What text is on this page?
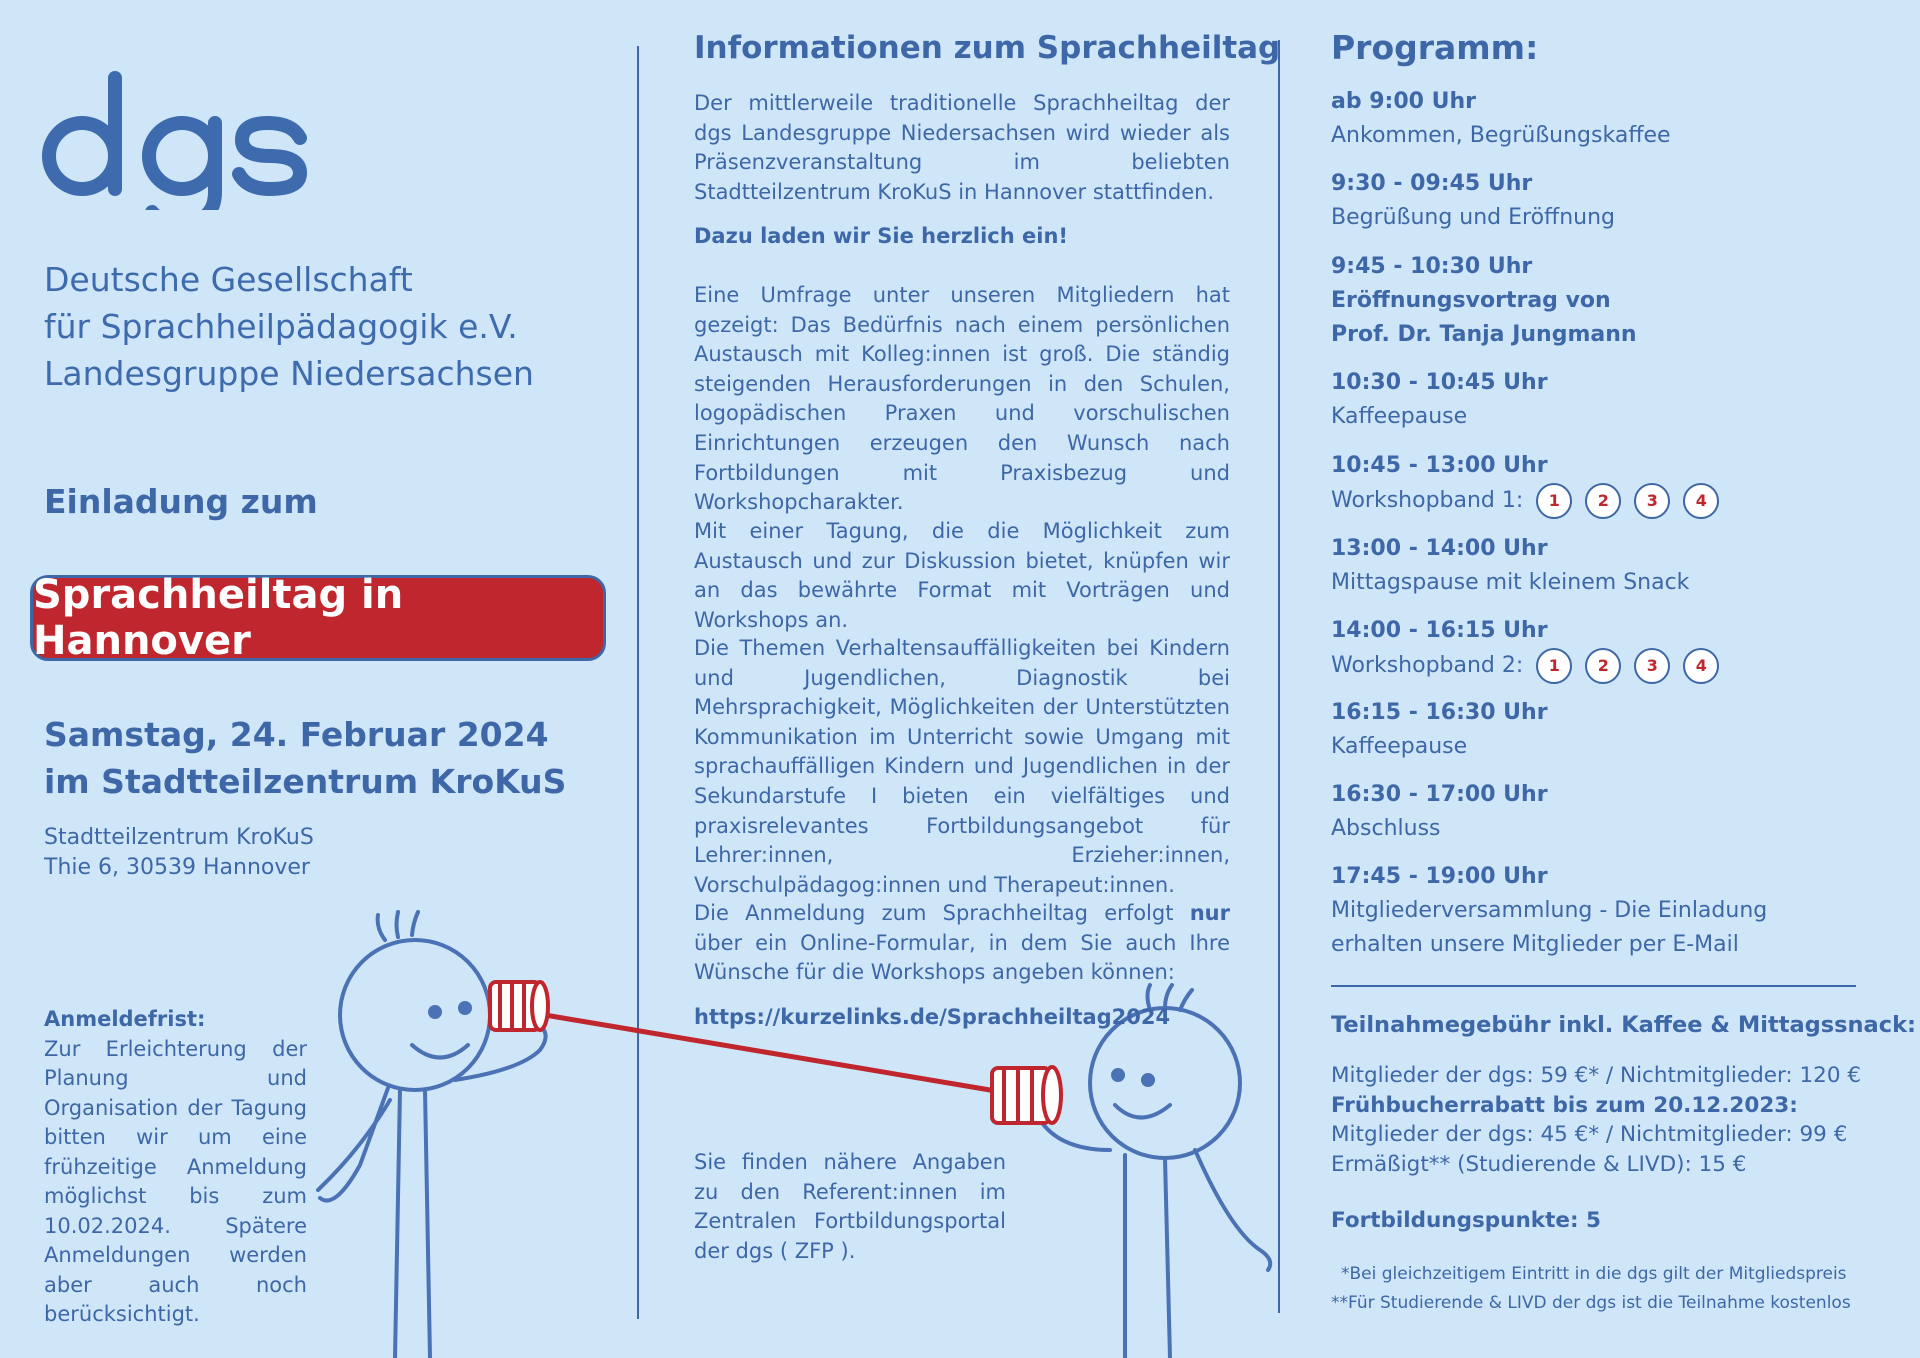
Deutsche Gesellschaft
für Sprachheilpädagogik e.V.
Landesgruppe Niedersachsen
Einladung zum
Sprachheiltag in Hannover
Samstag, 24. Februar 2024
im Stadtteilzentrum KroKuS
Stadtteilzentrum KroKuS
Thie 6, 30539 Hannover
Anmeldefrist:
Zur Erleichterung der Planung und Organisation der Tagung bitten wir um eine frühzeitige Anmeldung möglichst bis zum 10.02.2024. Spätere Anmeldungen werden aber auch noch berücksichtigt.
Informationen zum Sprachheiltag
Der mittlerweile traditionelle Sprachheiltag der dgs Landesgruppe Niedersachsen wird wieder als Präsenzveranstaltung im beliebten Stadtteilzentrum KroKuS in Hannover stattfinden.
Dazu laden wir Sie herzlich ein!
Eine Umfrage unter unseren Mitgliedern hat gezeigt: Das Bedürfnis nach einem persönlichen Austausch mit Kolleg:innen ist groß. Die ständig steigenden Herausforderungen in den Schulen, logopädischen Praxen und vorschulischen Einrichtungen erzeugen den Wunsch nach Fortbildungen mit Praxisbezug und Workshopcharakter.
Mit einer Tagung, die die Möglichkeit zum Austausch und zur Diskussion bietet, knüpfen wir an das bewährte Format mit Vorträgen und Workshops an.
Die Themen Verhaltensauffälligkeiten bei Kindern und Jugendlichen, Diagnostik bei Mehrsprachigkeit, Möglichkeiten der Unterstützten Kommunikation im Unterricht sowie Umgang mit sprachauffälligen Kindern und Jugendlichen in der Sekundarstufe I bieten ein vielfältiges und praxisrelevantes Fortbildungsangebot für Lehrer:innen, Erzieher:innen, Vorschulpädagog:innen und Therapeut:innen.
Die Anmeldung zum Sprachheiltag erfolgt nur über ein Online-Formular, in dem Sie auch Ihre Wünsche für die Workshops angeben können:
https://kurzelinks.de/Sprachheiltag2024
Sie finden nähere Angaben zu den Referent:innen im Zentralen Fortbildungsportal der dgs ( ZFP ).
Programm:
ab 9:00 Uhr
Ankommen, Begrüßungskaffee
9:30 - 09:45 Uhr
Begrüßung und Eröffnung
9:45 - 10:30 Uhr
Eröffnungsvortrag von
Prof. Dr. Tanja Jungmann
10:30 - 10:45 Uhr
Kaffeepause
10:45 - 13:00 Uhr
Workshopband 1:	1	2	3	4
13:00 - 14:00 Uhr
Mittagspause mit kleinem Snack
14:00 - 16:15 Uhr
Workshopband 2:	1	2	3	4
16:15 - 16:30 Uhr
Kaffeepause
16:30 - 17:00 Uhr
Abschluss
17:45 - 19:00 Uhr
Mitgliederversammlung - Die Einladung
erhalten unsere Mitglieder per E-Mail
Teilnahmegebühr inkl. Kaffee & Mittagssnack:
Mitglieder der dgs: 59 €* / Nichtmitglieder: 120 €
Frühbucherrabatt bis zum 20.12.2023:
Mitglieder der dgs: 45 €* / Nichtmitglieder: 99 €
Ermäßigt** (Studierende & LIVD): 15 €
Fortbildungspunkte: 5
*Bei gleichzeitigem Eintritt in die dgs gilt der Mitgliedspreis
**Für Studierende & LIVD der dgs ist die Teilnahme kostenlos
